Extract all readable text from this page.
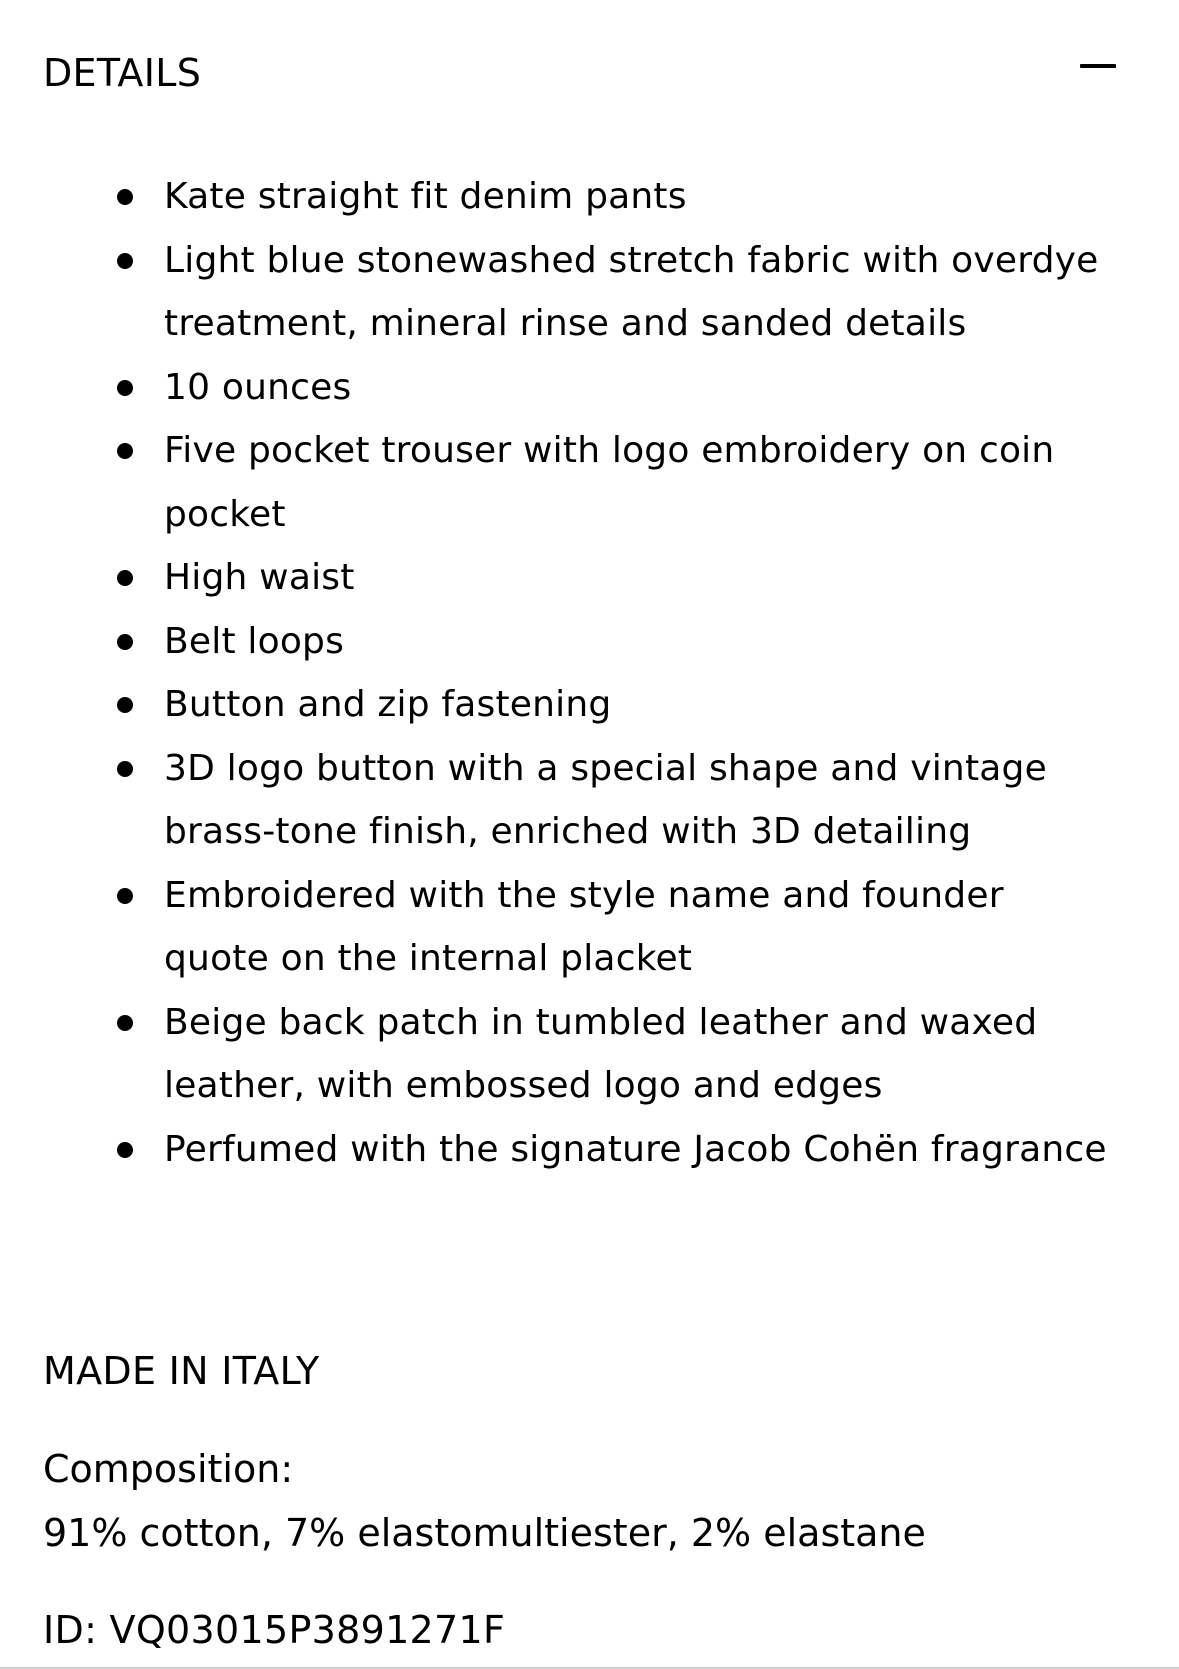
DETAILS
Kate straight fit denim pants
Light blue stonewashed stretch fabric with overdye treatment, mineral rinse and sanded details
10 ounces
Five pocket trouser with logo embroidery on coin pocket
High waist
Belt loops
Button and zip fastening
3D logo button with a special shape and vintage brass-tone finish, enriched with 3D detailing
Embroidered with the style name and founder quote on the internal placket
Beige back patch in tumbled leather and waxed leather, with embossed logo and edges
Perfumed with the signature Jacob Cohën fragrance
MADE IN ITALY
Composition:
91% cotton, 7% elastomultiester, 2% elastane
ID: VQ03015P3891271F
